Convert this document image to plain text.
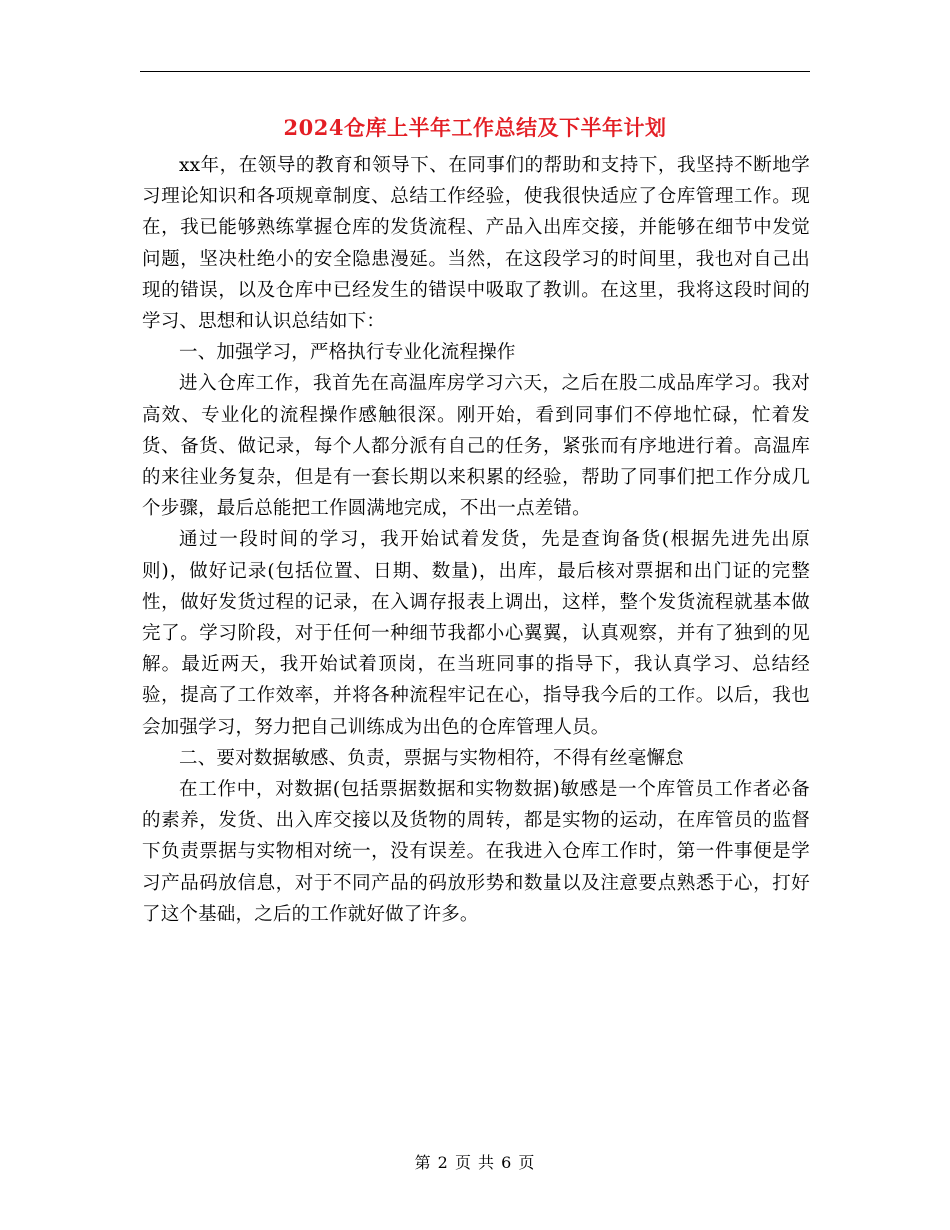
2024仓库上半年工作总结及下半年计划

xx年，在领导的教育和领导下、在同事们的帮助和支持下，我坚持不断地学习理论知识和各项规章制度、总结工作经验，使我很快适应了仓库管理工作。现在，我已能够熟练掌握仓库的发货流程、产品入出库交接，并能够在细节中发觉问题，坚决杜绝小的安全隐患漫延。当然，在这段学习的时间里，我也对自己出现的错误，以及仓库中已经发生的错误中吸取了教训。在这里，我将这段时间的学习、思想和认识总结如下：

一、加强学习，严格执行专业化流程操作

进入仓库工作，我首先在高温库房学习六天，之后在股二成品库学习。我对高效、专业化的流程操作感触很深。刚开始，看到同事们不停地忙碌，忙着发货、备货、做记录，每个人都分派有自己的任务，紧张而有序地进行着。高温库的来往业务复杂，但是有一套长期以来积累的经验，帮助了同事们把工作分成几个步骤，最后总能把工作圆满地完成，不出一点差错。

通过一段时间的学习，我开始试着发货，先是查询备货(根据先进先出原则)，做好记录(包括位置、日期、数量)，出库，最后核对票据和出门证的完整性，做好发货过程的记录，在入调存报表上调出，这样，整个发货流程就基本做完了。学习阶段，对于任何一种细节我都小心翼翼，认真观察，并有了独到的见解。最近两天，我开始试着顶岗，在当班同事的指导下，我认真学习、总结经验，提高了工作效率，并将各种流程牢记在心，指导我今后的工作。以后，我也会加强学习，努力把自己训练成为出色的仓库管理人员。

二、要对数据敏感、负责，票据与实物相符，不得有丝毫懈怠

在工作中，对数据(包括票据数据和实物数据)敏感是一个库管员工作者必备的素养，发货、出入库交接以及货物的周转，都是实物的运动，在库管员的监督下负责票据与实物相对统一，没有误差。在我进入仓库工作时，第一件事便是学习产品码放信息，对于不同产品的码放形势和数量以及注意要点熟悉于心，打好了这个基础，之后的工作就好做了许多。

第 2 页 共 6 页
